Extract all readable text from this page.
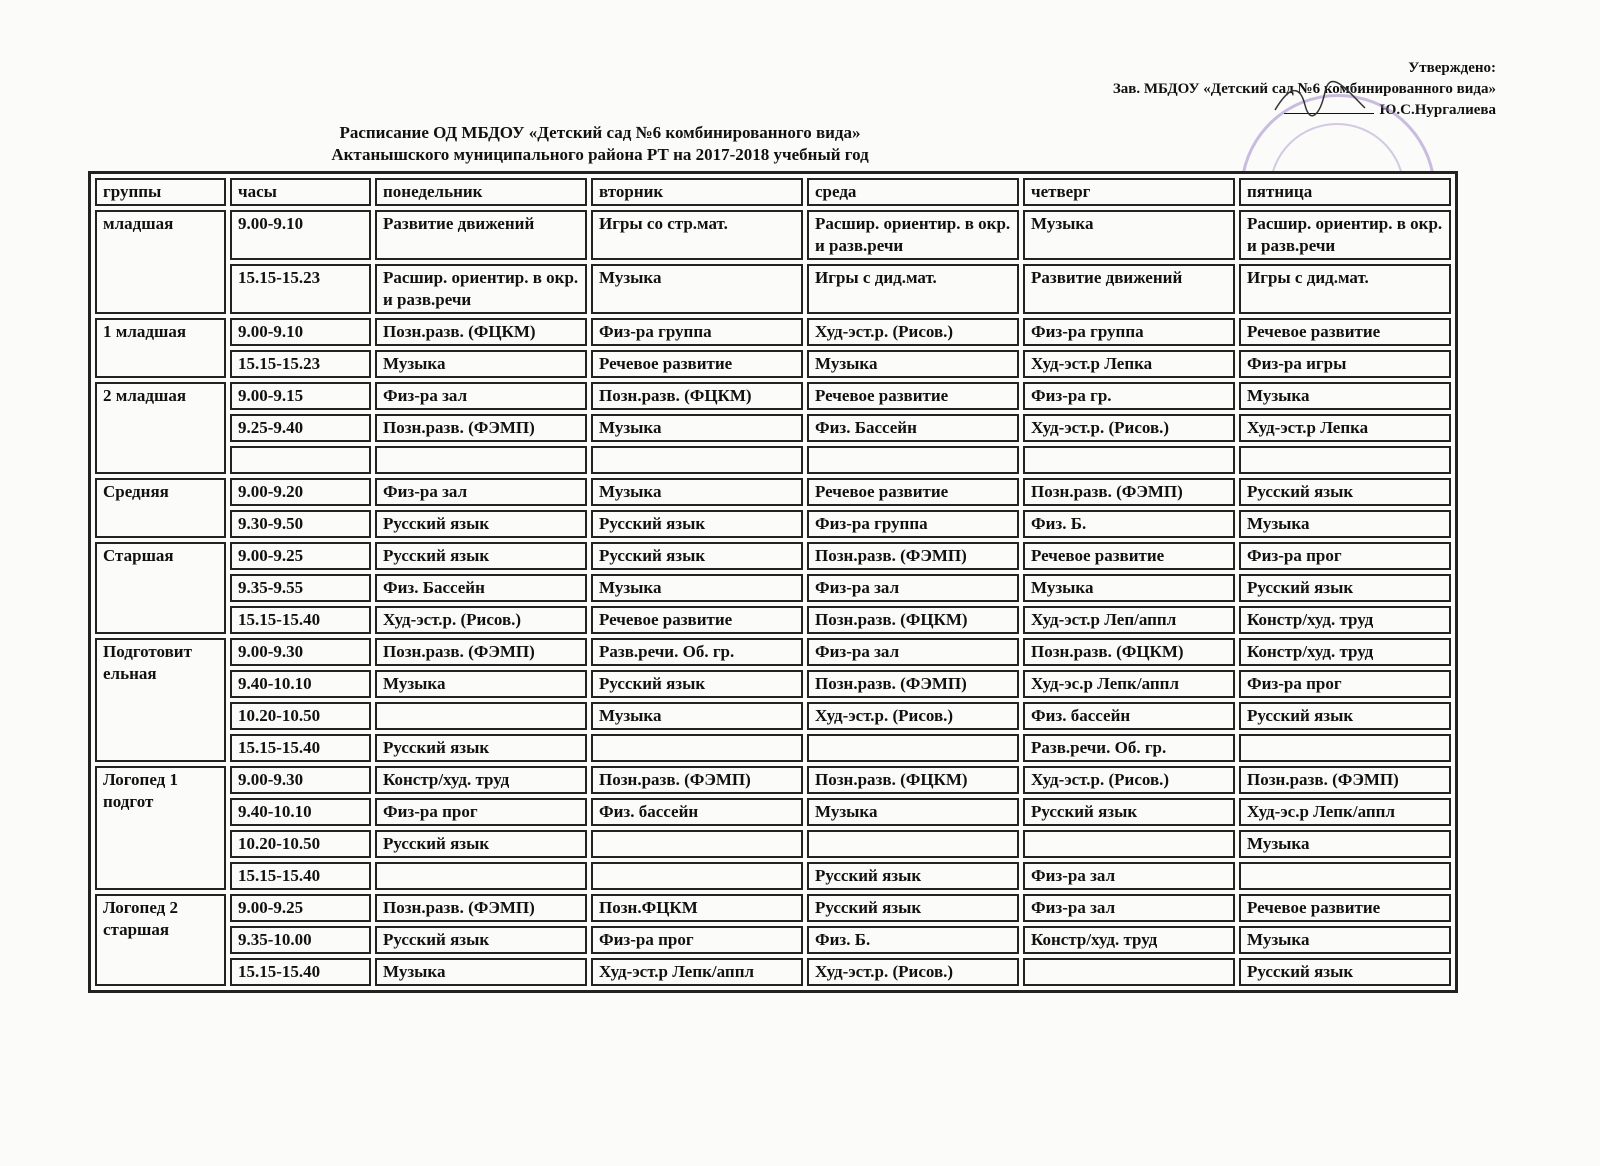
Утверждено:
Зав. МБДОУ «Детский сад №6 комбинированного вида»
Ю.С.Нургалиева
Расписание ОД МБДОУ «Детский сад №6 комбинированного вида»
Актанышского муниципального района РТ на 2017-2018 учебный год
группы	часы	понедельник	вторник	среда	четверг	пятница
младшая	9.00-9.10	Развитие движений	Игры со стр.мат.	Расшир. ориентир. в окр. и разв.речи	Музыка	Расшир. ориентир. в окр. и разв.речи
	15.15-15.23	Расшир. ориентир. в окр. и разв.речи	Музыка	Игры с дид.мат.	Развитие движений	Игры с дид.мат.
1 младшая	9.00-9.10	Позн.разв. (ФЦКМ)	Физ-ра группа	Худ-эст.р. (Рисов.)	Физ-ра группа	Речевое развитие
	15.15-15.23	Музыка	Речевое развитие	Музыка	Худ-эст.р Лепка	Физ-ра игры
2 младшая	9.00-9.15	Физ-ра зал	Позн.разв. (ФЦКМ)	Речевое развитие	Физ-ра гр.	Музыка
	9.25-9.40	Позн.разв. (ФЭМП)	Музыка	Физ. Бассейн	Худ-эст.р. (Рисов.)	Худ-эст.р Лепка

Средняя	9.00-9.20	Физ-ра зал	Музыка	Речевое развитие	Позн.разв. (ФЭМП)	Русский язык
	9.30-9.50	Русский язык	Русский язык	Физ-ра группа	Физ. Б.	Музыка
Старшая	9.00-9.25	Русский язык	Русский язык	Позн.разв. (ФЭМП)	Речевое развитие	Физ-ра прог
	9.35-9.55	Физ. Бассейн	Музыка	Физ-ра зал	Музыка	Русский язык
	15.15-15.40	Худ-эст.р. (Рисов.)	Речевое развитие	Позн.разв. (ФЦКМ)	Худ-эст.р Леп/аппл	Констр/худ. труд
Подготовит ельная	9.00-9.30	Позн.разв. (ФЭМП)	Разв.речи. Об. гр.	Физ-ра зал	Позн.разв. (ФЦКМ)	Констр/худ. труд
	9.40-10.10	Музыка	Русский язык	Позн.разв. (ФЭМП)	Худ-эс.р Лепк/аппл	Физ-ра прог
	10.20-10.50		Музыка	Худ-эст.р. (Рисов.)	Физ. бассейн	Русский язык
	15.15-15.40	Русский язык			Разв.речи. Об. гр.	
Логопед 1 подгот	9.00-9.30	Констр/худ. труд	Позн.разв. (ФЭМП)	Позн.разв. (ФЦКМ)	Худ-эст.р. (Рисов.)	Позн.разв. (ФЭМП)
	9.40-10.10	Физ-ра прог	Физ. бассейн	Музыка	Русский язык	Худ-эс.р Лепк/аппл
	10.20-10.50	Русский язык				Музыка
	15.15-15.40			Русский язык	Физ-ра зал	
Логопед 2 старшая	9.00-9.25	Позн.разв. (ФЭМП)	Позн.ФЦКМ	Русский язык	Физ-ра зал	Речевое развитие
	9.35-10.00	Русский язык	Физ-ра прог	Физ. Б.	Констр/худ. труд	Музыка
	15.15-15.40	Музыка	Худ-эст.р Лепк/аппл	Худ-эст.р. (Рисов.)		Русский язык
